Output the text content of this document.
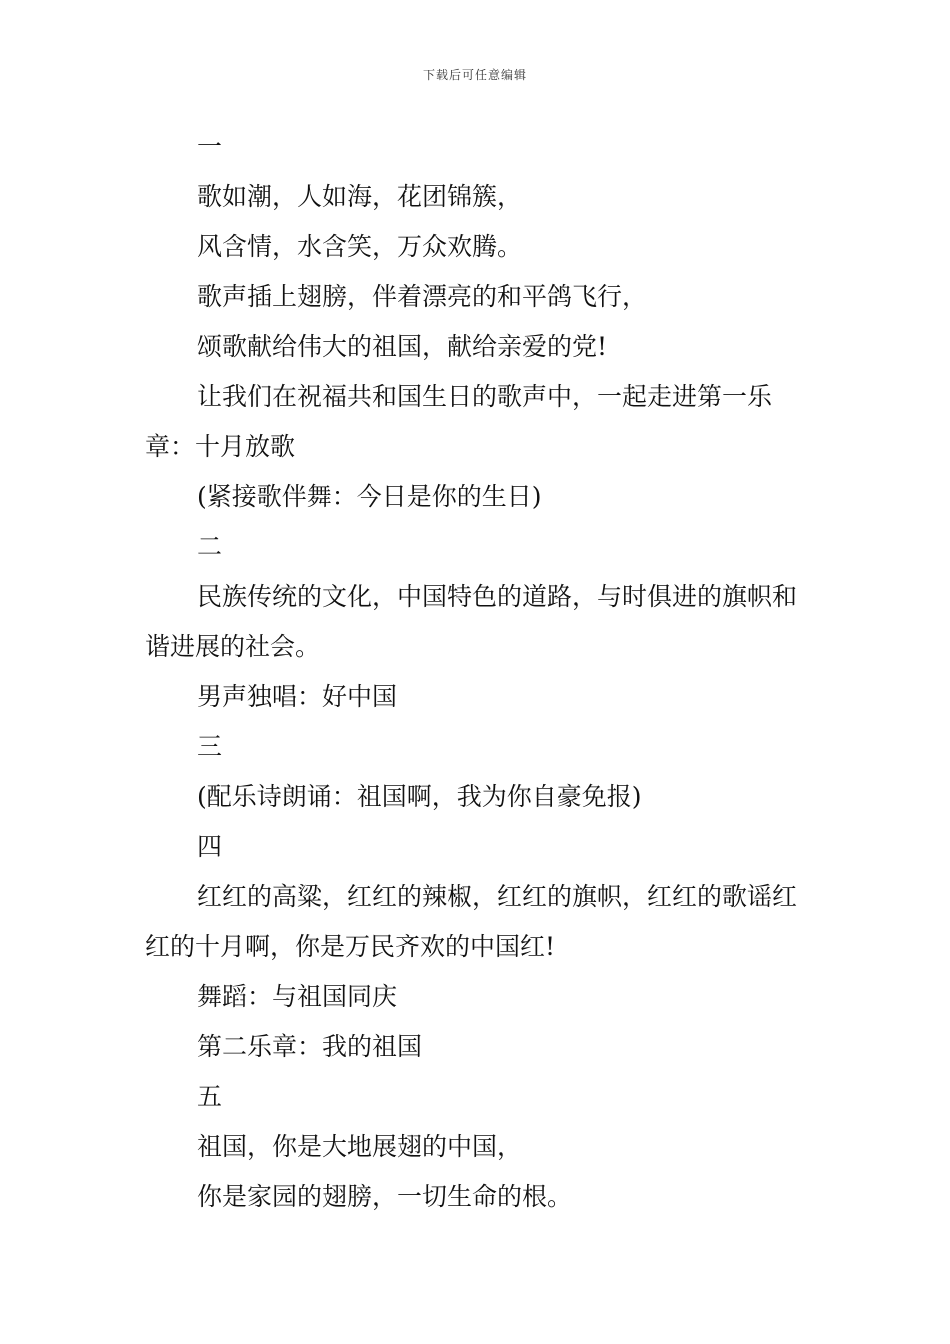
下载后可任意编辑

一

歌如潮，人如海，花团锦簇，

风含情，水含笑，万众欢腾。

歌声插上翅膀，伴着漂亮的和平鸽飞行，

颂歌献给伟大的祖国，献给亲爱的党!

让我们在祝福共和国生日的歌声中，一起走进第一乐章：十月放歌

(紧接歌伴舞：今日是你的生日)

二

民族传统的文化，中国特色的道路，与时俱进的旗帜和谐进展的社会。

男声独唱：好中国

三

(配乐诗朗诵：祖国啊，我为你自豪免报)

四

红红的高粱，红红的辣椒，红红的旗帜，红红的歌谣红红的十月啊，你是万民齐欢的中国红!

舞蹈：与祖国同庆

第二乐章：我的祖国

五

祖国，你是大地展翅的中国，

你是家园的翅膀，一切生命的根。
